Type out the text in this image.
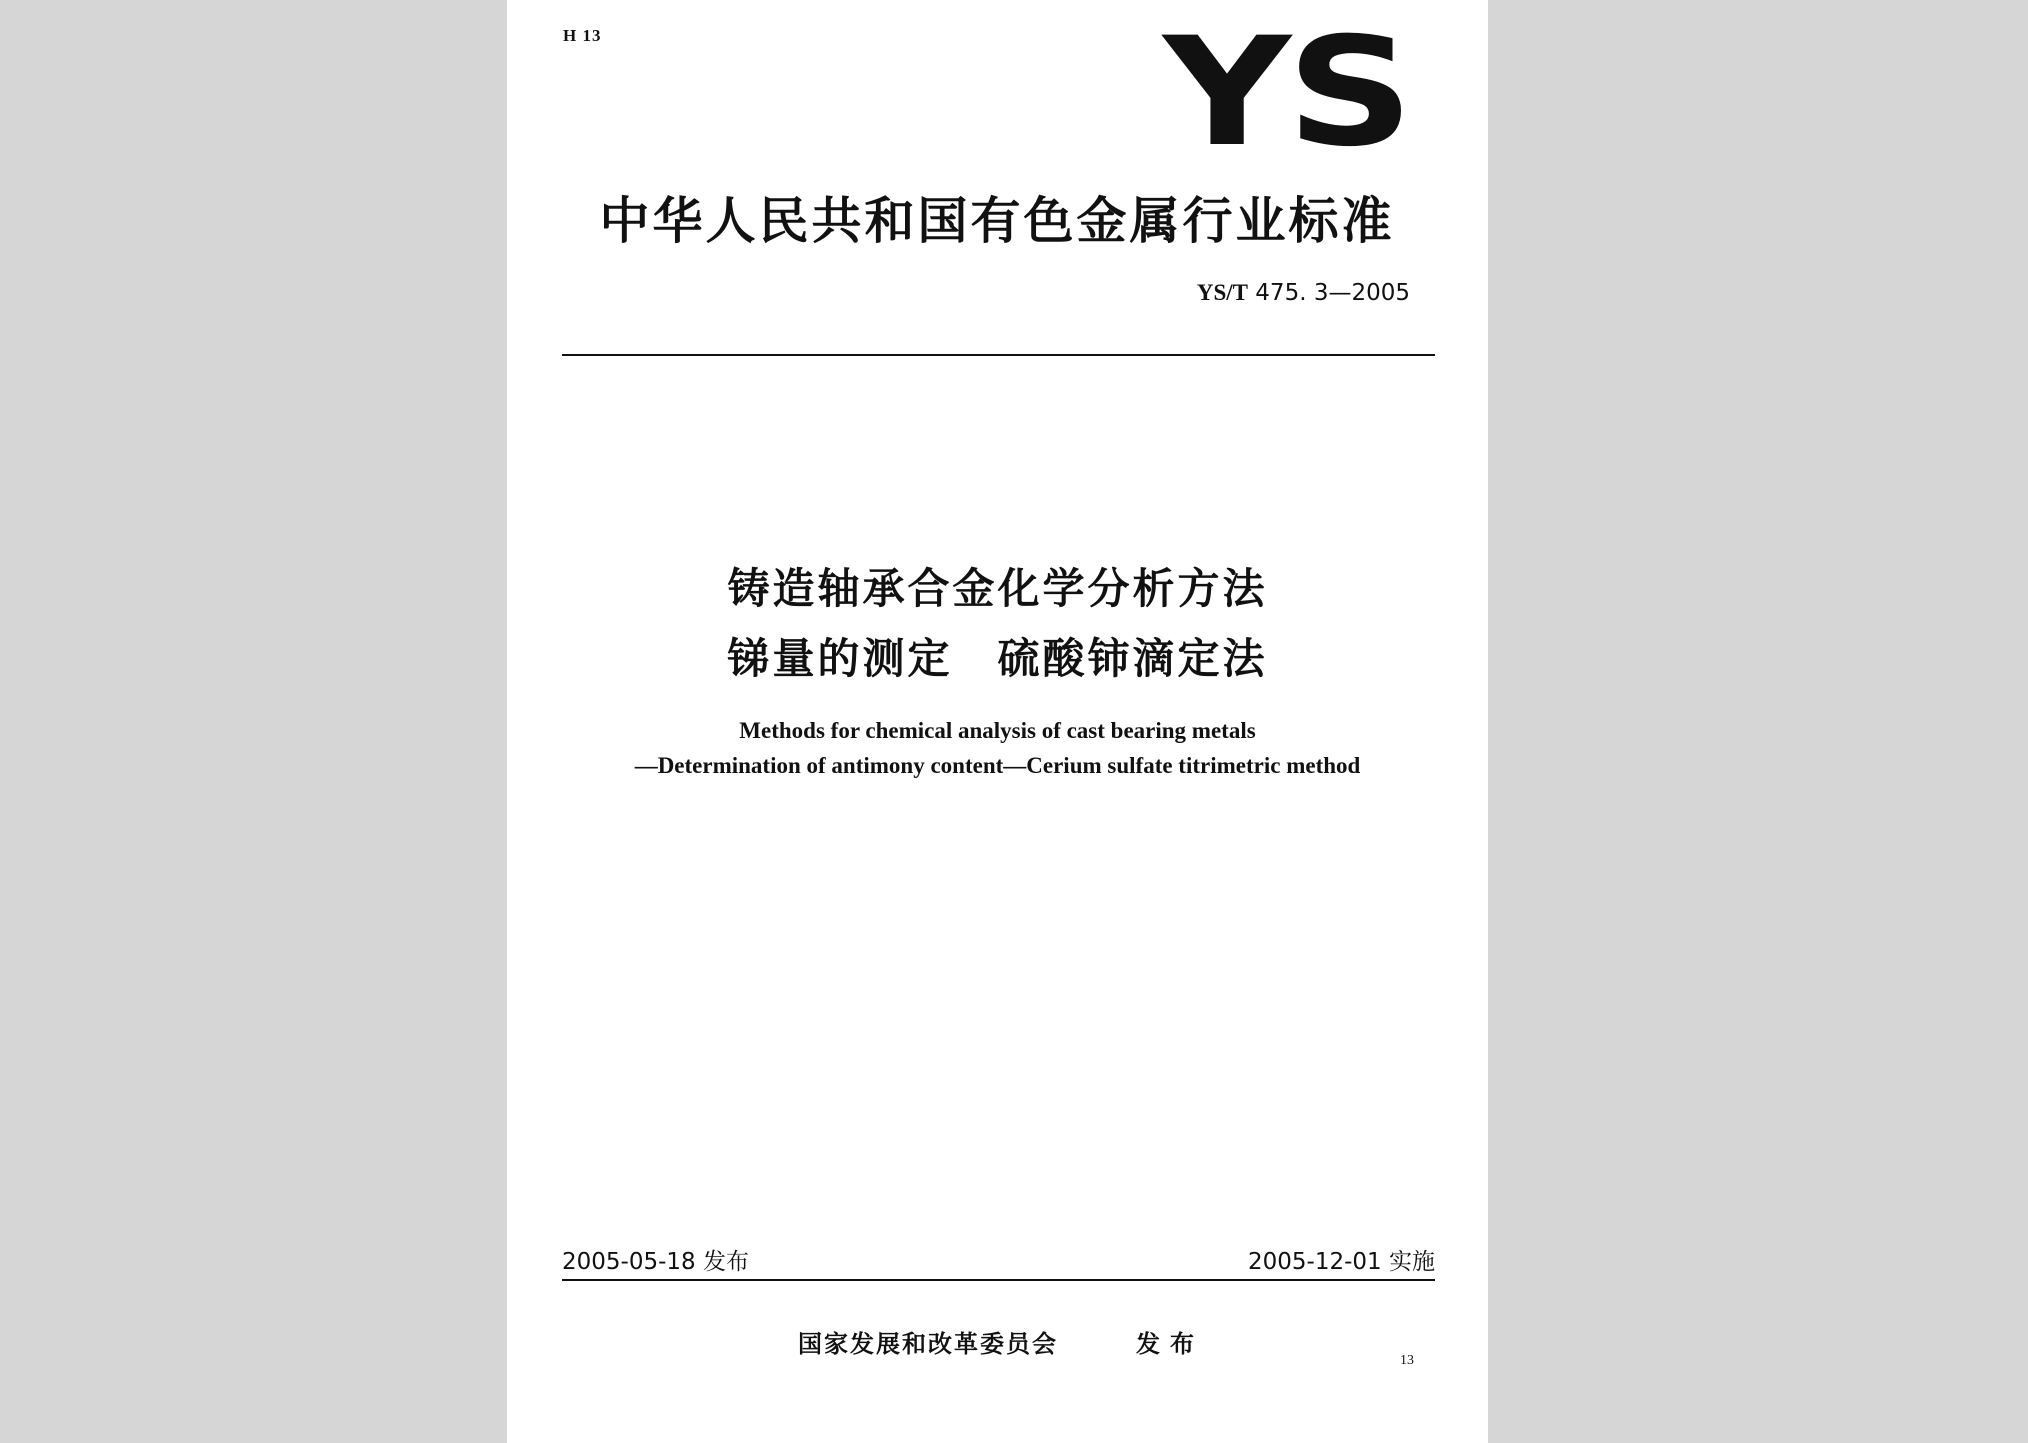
H 13	YS
中华人民共和国有色金属行业标准

YS/T 475. 3—2005

铸造轴承合金化学分析方法
锑量的测定　硫酸铈滴定法

Methods for chemical analysis of cast bearing metals

—Determination of antimony content—Cerium sulfate titrimetric method

2005-05-18 发布	2005-12-01 实施

国家发展和改革委员会	发布

13
